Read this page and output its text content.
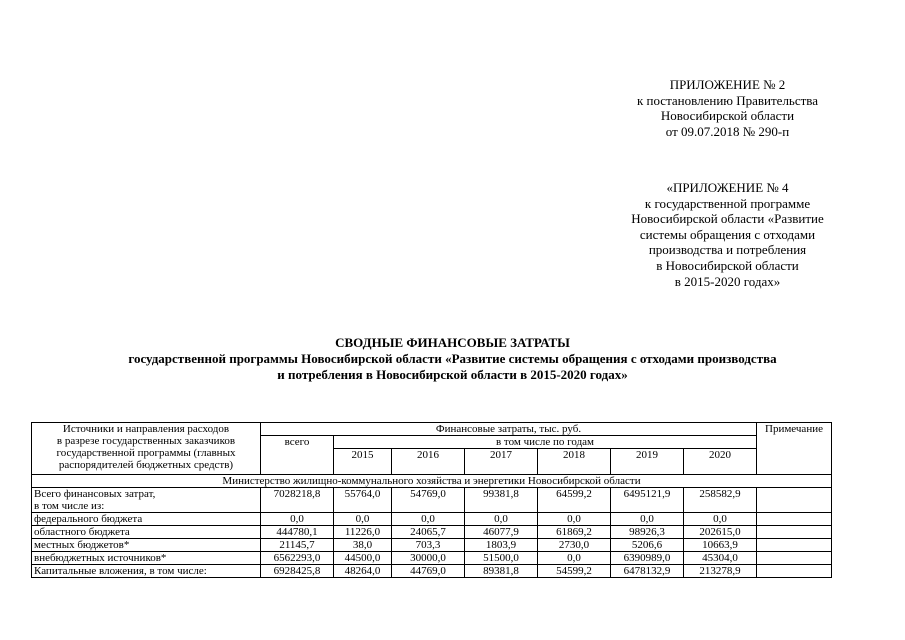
ПРИЛОЖЕНИЕ № 2
к постановлению Правительства
Новосибирской области
от 09.07.2018 № 290-п
«ПРИЛОЖЕНИЕ № 4
к государственной программе
Новосибирской области «Развитие
системы обращения с отходами
производства и потребления
в Новосибирской области
в 2015-2020 годах»
СВОДНЫЕ ФИНАНСОВЫЕ ЗАТРАТЫ
государственной программы Новосибирской области «Развитие системы обращения с отходами производства
и потребления в Новосибирской области в 2015-2020 годах»
Источники и направления расходов
в разрезе государственных заказчиков
государственной программы (главных
распорядителей бюджетных средств)	Финансовые затраты, тыс. руб.							Примечание
	всего	в том числе по годам						
		2015	2016	2017	2018	2019	2020	
Министерство жилищно-коммунального хозяйства и энергетики Новосибирской области								

Всего финансовых затрат,
в том числе из:	7028218,8	55764,0	54769,0	99381,8	64599,2	6495121,9	258582,9	
федерального бюджета	0,0	0,0	0,0	0,0	0,0	0,0	0,0	
областного бюджета	444780,1	11226,0	24065,7	46077,9	61869,2	98926,3	202615,0	
местных бюджетов*	21145,7	38,0	703,3	1803,9	2730,0	5206,6	10663,9	
внебюджетных источников*	6562293,0	44500,0	30000,0	51500,0	0,0	6390989,0	45304,0	
Капитальные вложения, в том числе:	6928425,8	48264,0	44769,0	89381,8	54599,2	6478132,9	213278,9	
